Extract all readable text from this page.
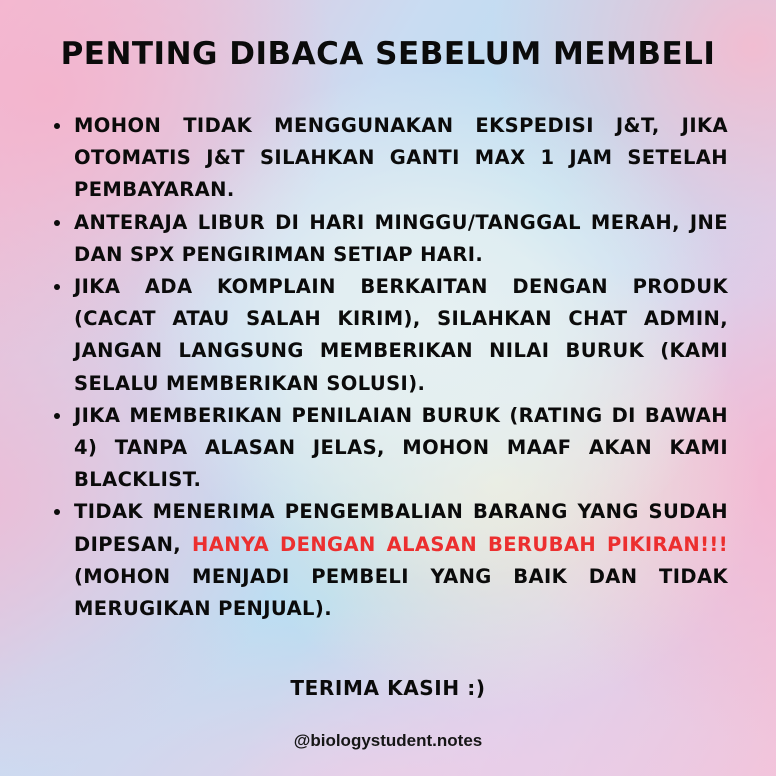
PENTING DIBACA SEBELUM MEMBELI
MOHON TIDAK MENGGUNAKAN EKSPEDISI J&T, JIKA OTOMATIS J&T SILAHKAN GANTI MAX 1 JAM SETELAH PEMBAYARAN.
ANTERAJA LIBUR DI HARI MINGGU/TANGGAL MERAH, JNE DAN SPX PENGIRIMAN SETIAP HARI.
JIKA ADA KOMPLAIN BERKAITAN DENGAN PRODUK (CACAT ATAU SALAH KIRIM), SILAHKAN CHAT ADMIN, JANGAN LANGSUNG MEMBERIKAN NILAI BURUK (KAMI SELALU MEMBERIKAN SOLUSI).
JIKA MEMBERIKAN PENILAIAN BURUK (RATING DI BAWAH 4) TANPA ALASAN JELAS, MOHON MAAF AKAN KAMI BLACKLIST.
TIDAK MENERIMA PENGEMBALIAN BARANG YANG SUDAH DIPESAN, HANYA DENGAN ALASAN BERUBAH PIKIRAN!!! (MOHON MENJADI PEMBELI YANG BAIK DAN TIDAK MERUGIKAN PENJUAL).
TERIMA KASIH :)
@biologystudent.notes
